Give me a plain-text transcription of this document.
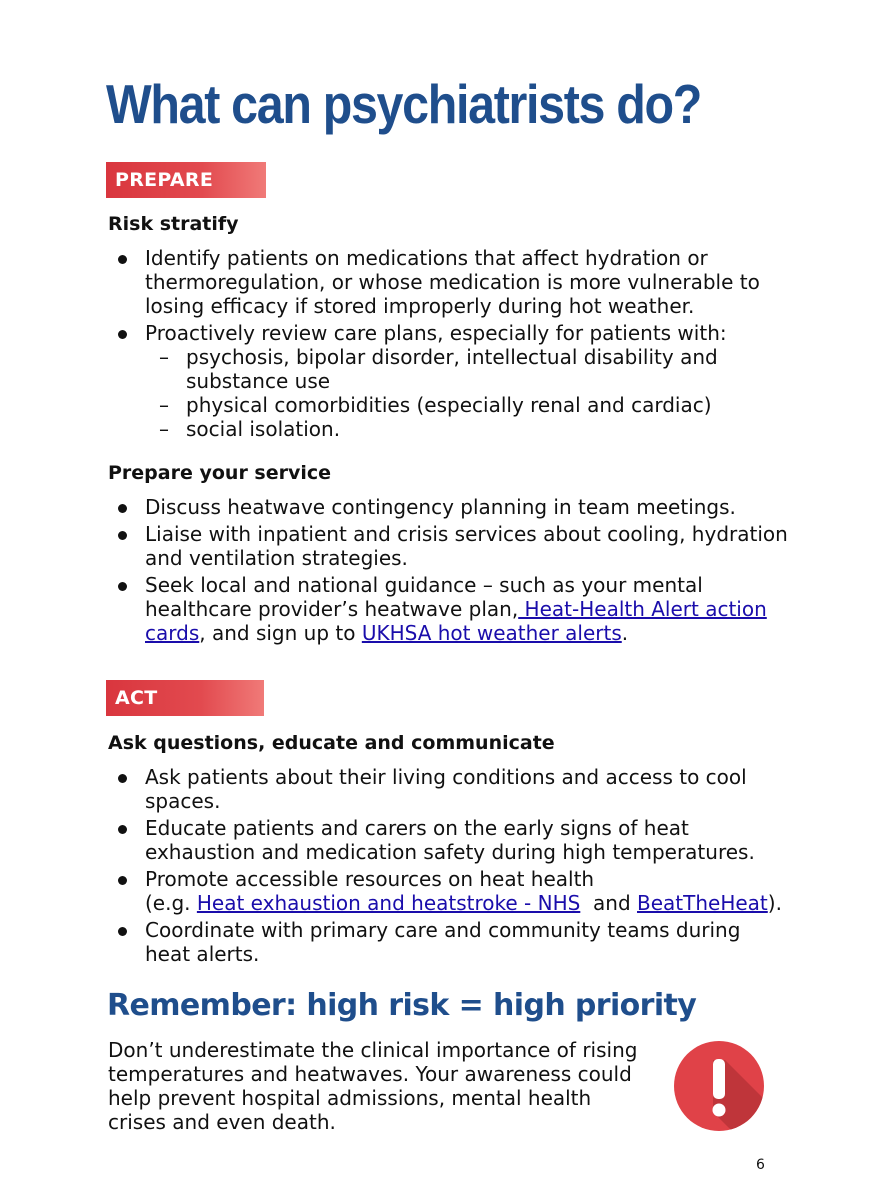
What can psychiatrists do?
PREPARE
Risk stratify
Identify patients on medications that affect hydration or thermoregulation, or whose medication is more vulnerable to losing efficacy if stored improperly during hot weather.
Proactively review care plans, especially for patients with:
– psychosis, bipolar disorder, intellectual disability and substance use
– physical comorbidities (especially renal and cardiac)
– social isolation.
Prepare your service
Discuss heatwave contingency planning in team meetings.
Liaise with inpatient and crisis services about cooling, hydration and ventilation strategies.
Seek local and national guidance – such as your mental healthcare provider’s heatwave plan, Heat-Health Alert action cards, and sign up to UKHSA hot weather alerts.
ACT
Ask questions, educate and communicate
Ask patients about their living conditions and access to cool spaces.
Educate patients and carers on the early signs of heat exhaustion and medication safety during high temperatures.
Promote accessible resources on heat health
(e.g. Heat exhaustion and heatstroke - NHS  and BeatTheHeat).
Coordinate with primary care and community teams during heat alerts.
Remember: high risk = high priority

Don’t underestimate the clinical importance of rising temperatures and heatwaves. Your awareness could help prevent hospital admissions, mental health crises and even death.

6
